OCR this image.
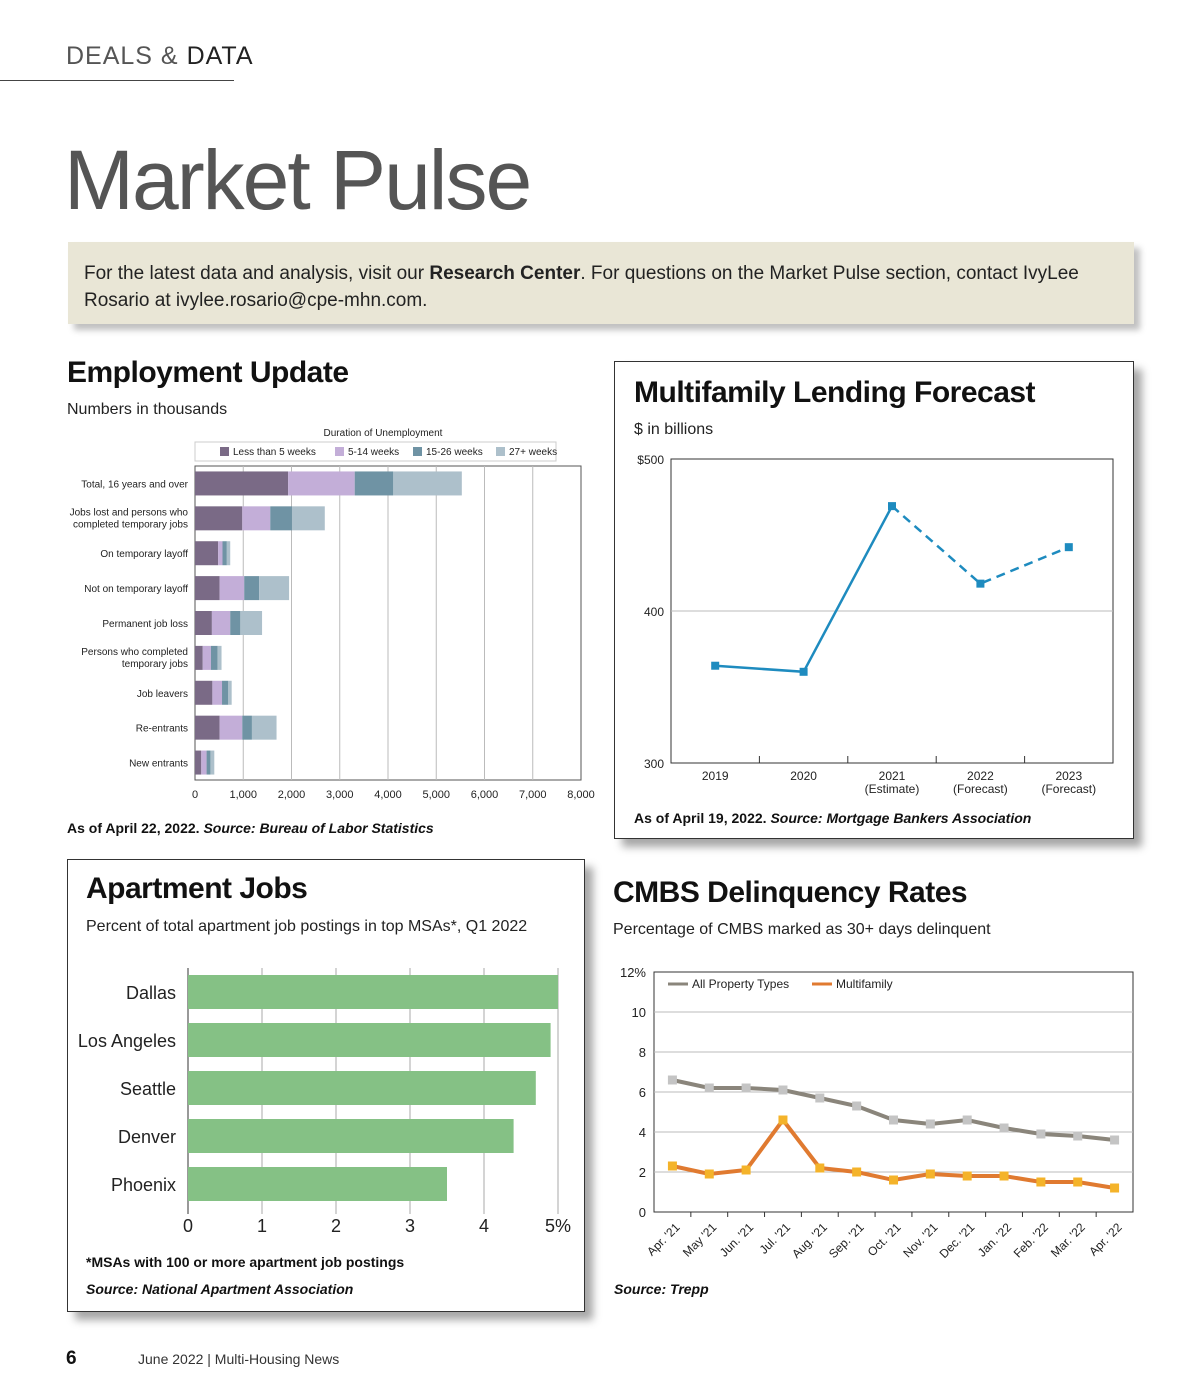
DEALS & DATA
Market Pulse
For the latest data and analysis, visit our Research Center. For questions on the Market Pulse section, contact IvyLee Rosario at ivylee.rosario@cpe-mhn.com.
Employment Update
Numbers in thousands
Duration of Unemployment
Less than 5 weeks	5-14 weeks	15-26 weeks	27+ weeks
0	1,000 2,000 3,000 4,000 5,000 6,000 7,000 8,000
Total, 16 years and over
Jobs lost and persons who completed temporary jobs
On temporary layoff
Not on temporary layoff
Permanent job loss
Persons who completed temporary jobs
Job leavers
Re-entrants
New entrants
As of April 22, 2022. Source: Bureau of Labor Statistics
Multifamily Lending Forecast
$ in billions
300
400
$500
2019	2020	2021 (Estimate)
2022 (Forecast)
2023 (Forecast)
As of April 19, 2022. Source: Mortgage Bankers Association
Apartment Jobs
Percent of total apartment job postings in top MSAs*, Q1 2022
0	1	2	3	4	5%
Dallas
Los Angeles
Seattle
Denver
Phoenix
*MSAs with 100 or more apartment job postings
Source: National Apartment Association
CMBS Delinquency Rates
Percentage of CMBS marked as 30+ days delinquent
0
2
4
6
8
10
12%
Apr. '21
May '21
Jun. '21 Jul. '21
Aug. '21
Sep. '21
Oct. '21
Nov. '21
Dec. '21
Jan. '22
Feb. '22
Mar. '22
Apr. '22
All Property Types	Multifamily
Source: Trepp
6	June 2022 | Multi-Housing News
